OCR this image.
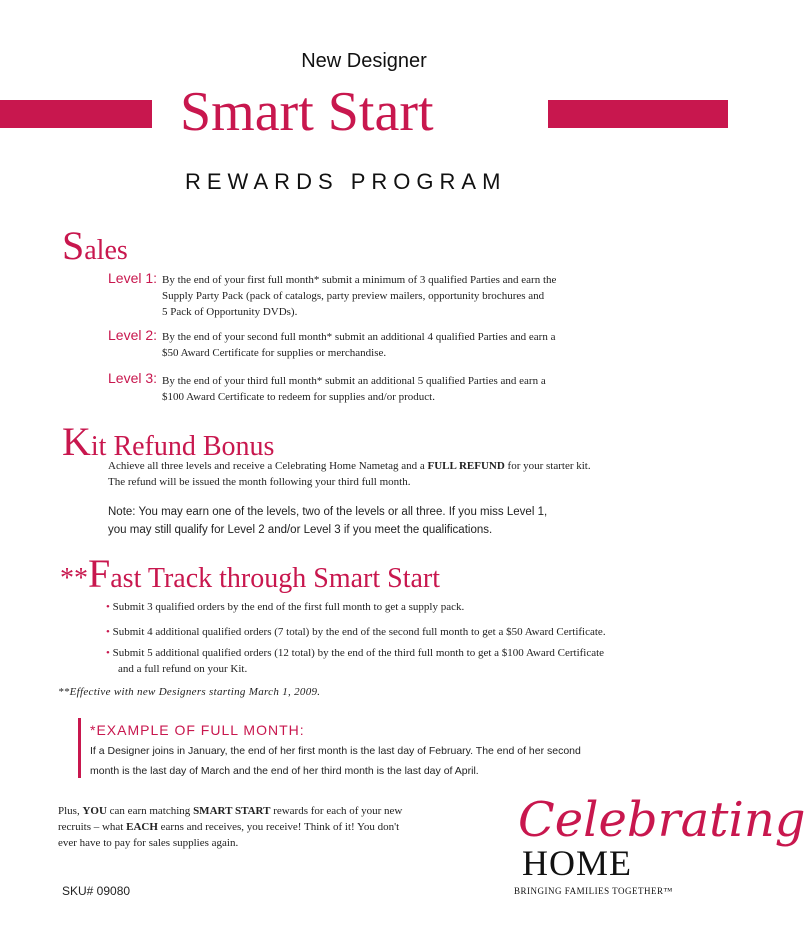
New Designer
Smart Start
REWARDS PROGRAM
Sales
Level 1: By the end of your first full month* submit a minimum of 3 qualified Parties and earn the
Supply Party Pack (pack of catalogs, party preview mailers, opportunity brochures and
5 Pack of Opportunity DVDs).
Level 2: By the end of your second full month* submit an additional 4 qualified Parties and earn a
$50 Award Certificate for supplies or merchandise.
Level 3: By the end of your third full month* submit an additional 5 qualified Parties and earn a
$100 Award Certificate to redeem for supplies and/or product.
Kit Refund Bonus
Achieve all three levels and receive a Celebrating Home Nametag and a FULL REFUND for your starter kit.
The refund will be issued the month following your third full month.
Note: You may earn one of the levels, two of the levels or all three. If you miss Level 1,
you may still qualify for Level 2 and/or Level 3 if you meet the qualifications.
**Fast Track through Smart Start
• Submit 3 qualified orders by the end of the first full month to get a supply pack.
• Submit 4 additional qualified orders (7 total) by the end of the second full month to get a $50 Award Certificate.
• Submit 5 additional qualified orders (12 total) by the end of the third full month to get a $100 Award Certificate
and a full refund on your Kit.
**Effective with new Designers starting March 1, 2009.
*EXAMPLE OF FULL MONTH:
If a Designer joins in January, the end of her first month is the last day of February. The end of her second
month is the last day of March and the end of her third month is the last day of April.
Plus, YOU can earn matching SMART START rewards for each of your new
recruits – what EACH earns and receives, you receive! Think of it! You don't
ever have to pay for sales supplies again.
SKU# 09080
Celebrating
HOME
BRINGING FAMILIES TOGETHER™
